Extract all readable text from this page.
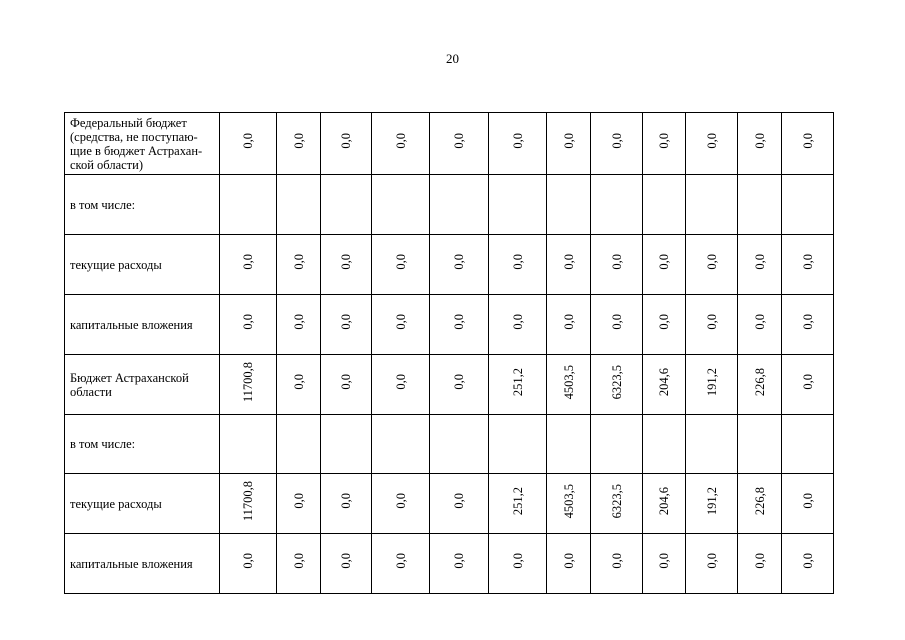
20
Федеральный бюджет (средства, не поступаю-щие в бюджет Астрахан-ской области)	0,0	0,0	0,0	0,0	0,0	0,0	0,0	0,0	0,0	0,0	0,0	0,0
в том числе:												
текущие расходы	0,0	0,0	0,0	0,0	0,0	0,0	0,0	0,0	0,0	0,0	0,0	0,0
капитальные вложения	0,0	0,0	0,0	0,0	0,0	0,0	0,0	0,0	0,0	0,0	0,0	0,0
Бюджет Астраханской области	11700,8	0,0	0,0	0,0	0,0	251,2	4503,5	6323,5	204,6	191,2	226,8	0,0
в том числе:												
текущие расходы	11700,8	0,0	0,0	0,0	0,0	251,2	4503,5	6323,5	204,6	191,2	226,8	0,0
капитальные вложения	0,0	0,0	0,0	0,0	0,0	0,0	0,0	0,0	0,0	0,0	0,0	0,0
